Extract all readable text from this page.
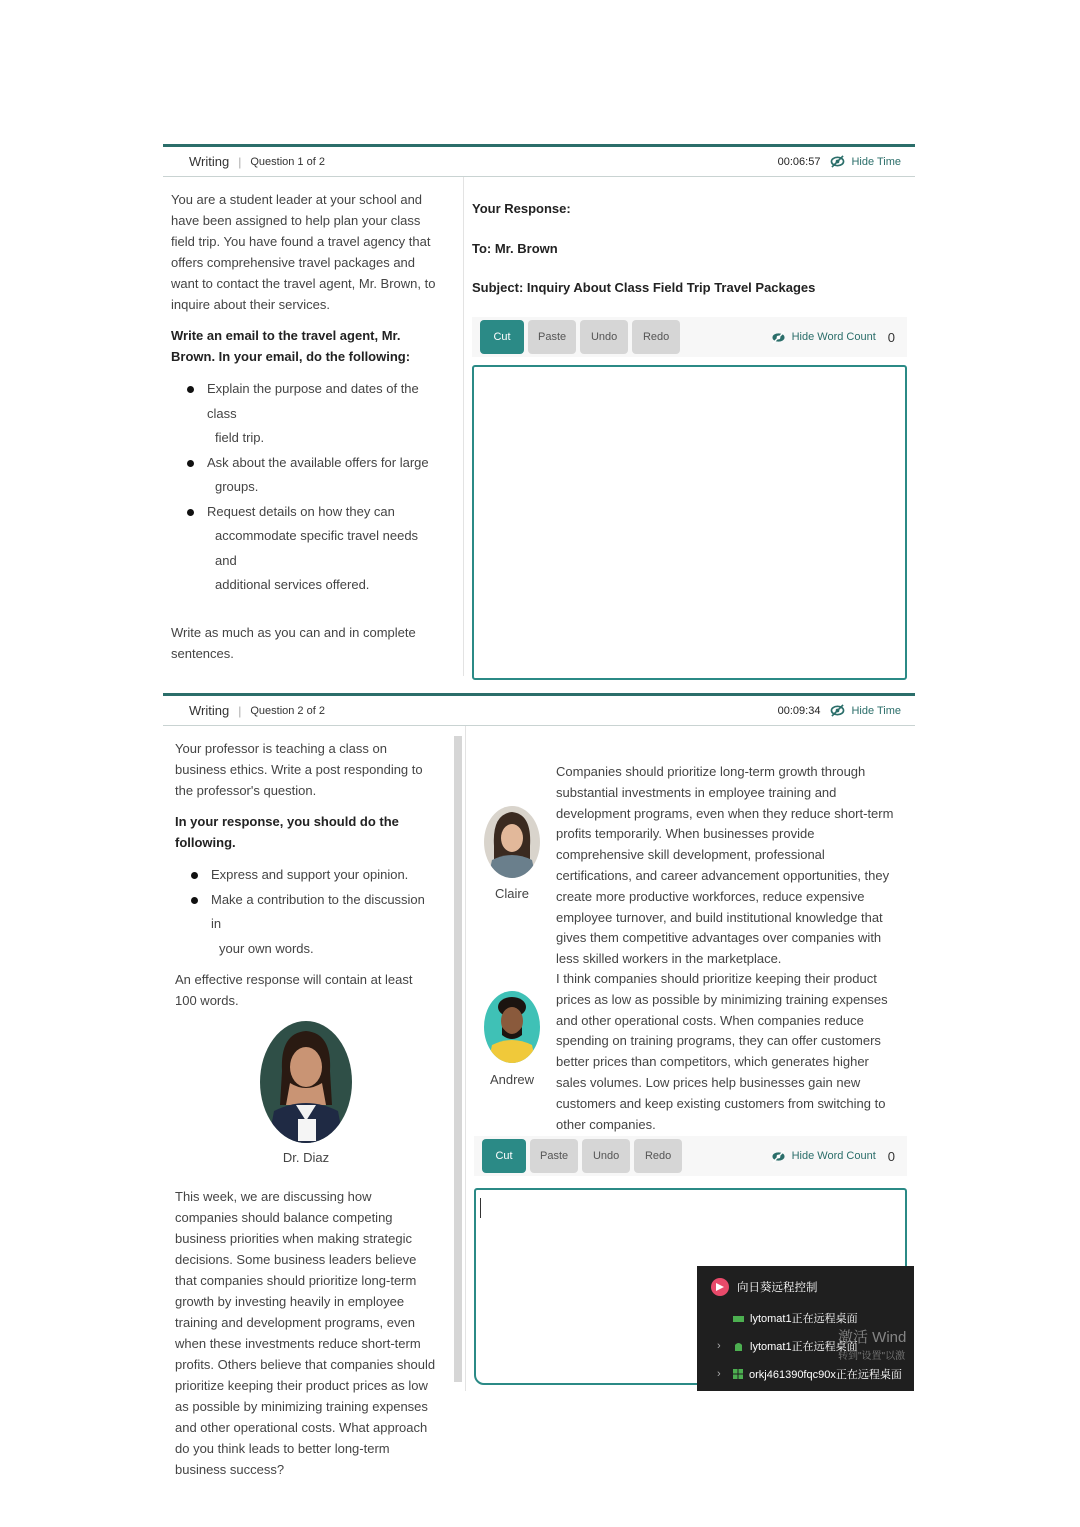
Writing | Question 1 of 2	00:06:57	Hide Time

You are a student leader at your school and have been assigned to help plan your class field trip. You have found a travel agency that offers comprehensive travel packages and want to contact the travel agent, Mr. Brown, to inquire about their services.

Write an email to the travel agent, Mr. Brown. In your email, do the following:

Explain the purpose and dates of the class
field trip.
Ask about the available offers for large
groups.
Request details on how they can
accommodate specific travel needs and
additional services offered.

Write as much as you can and in complete sentences.

Your Response:
To: Mr. Brown
Subject: Inquiry About Class Field Trip Travel Packages
Cut	Paste	Undo	Redo	Hide Word Count 0
Writing | Question 2 of 2	00:09:34	Hide Time

Your professor is teaching a class on business ethics. Write a post responding to the professor's question.

In your response, you should do the following.

Express and support your opinion.
Make a contribution to the discussion in
your own words.

An effective response will contain at least 100 words.

Dr. Diaz

This week, we are discussing how companies should balance competing business priorities when making strategic decisions. Some business leaders believe that companies should prioritize long-term growth by investing heavily in employee training and development programs, even when these investments reduce short-term profits. Others believe that companies should prioritize keeping their product prices as low as possible by minimizing training expenses and other operational costs. What approach do you think leads to better long-term business success?

Claire
Companies should prioritize long-term growth through substantial investments in employee training and development programs, even when they reduce short-term profits temporarily. When businesses provide comprehensive skill development, professional certifications, and career advancement opportunities, they create more productive workforces, reduce expensive employee turnover, and build institutional knowledge that gives them competitive advantages over companies with less skilled workers in the marketplace.
Andrew
I think companies should prioritize keeping their product prices as low as possible by minimizing training expenses and other operational costs. When companies reduce spending on training programs, they can offer customers better prices than competitors, which generates higher sales volumes. Low prices help businesses gain new customers and keep existing customers from switching to other companies.
Cut	Paste	Undo	Redo	Hide Word Count 0
向日葵远程控制
lytomat1正在远程桌面
›	lytomat1正在远程桌面
›	orkj461390fqc90x正在远程桌面
激活 Wind
转到"设置"以激
